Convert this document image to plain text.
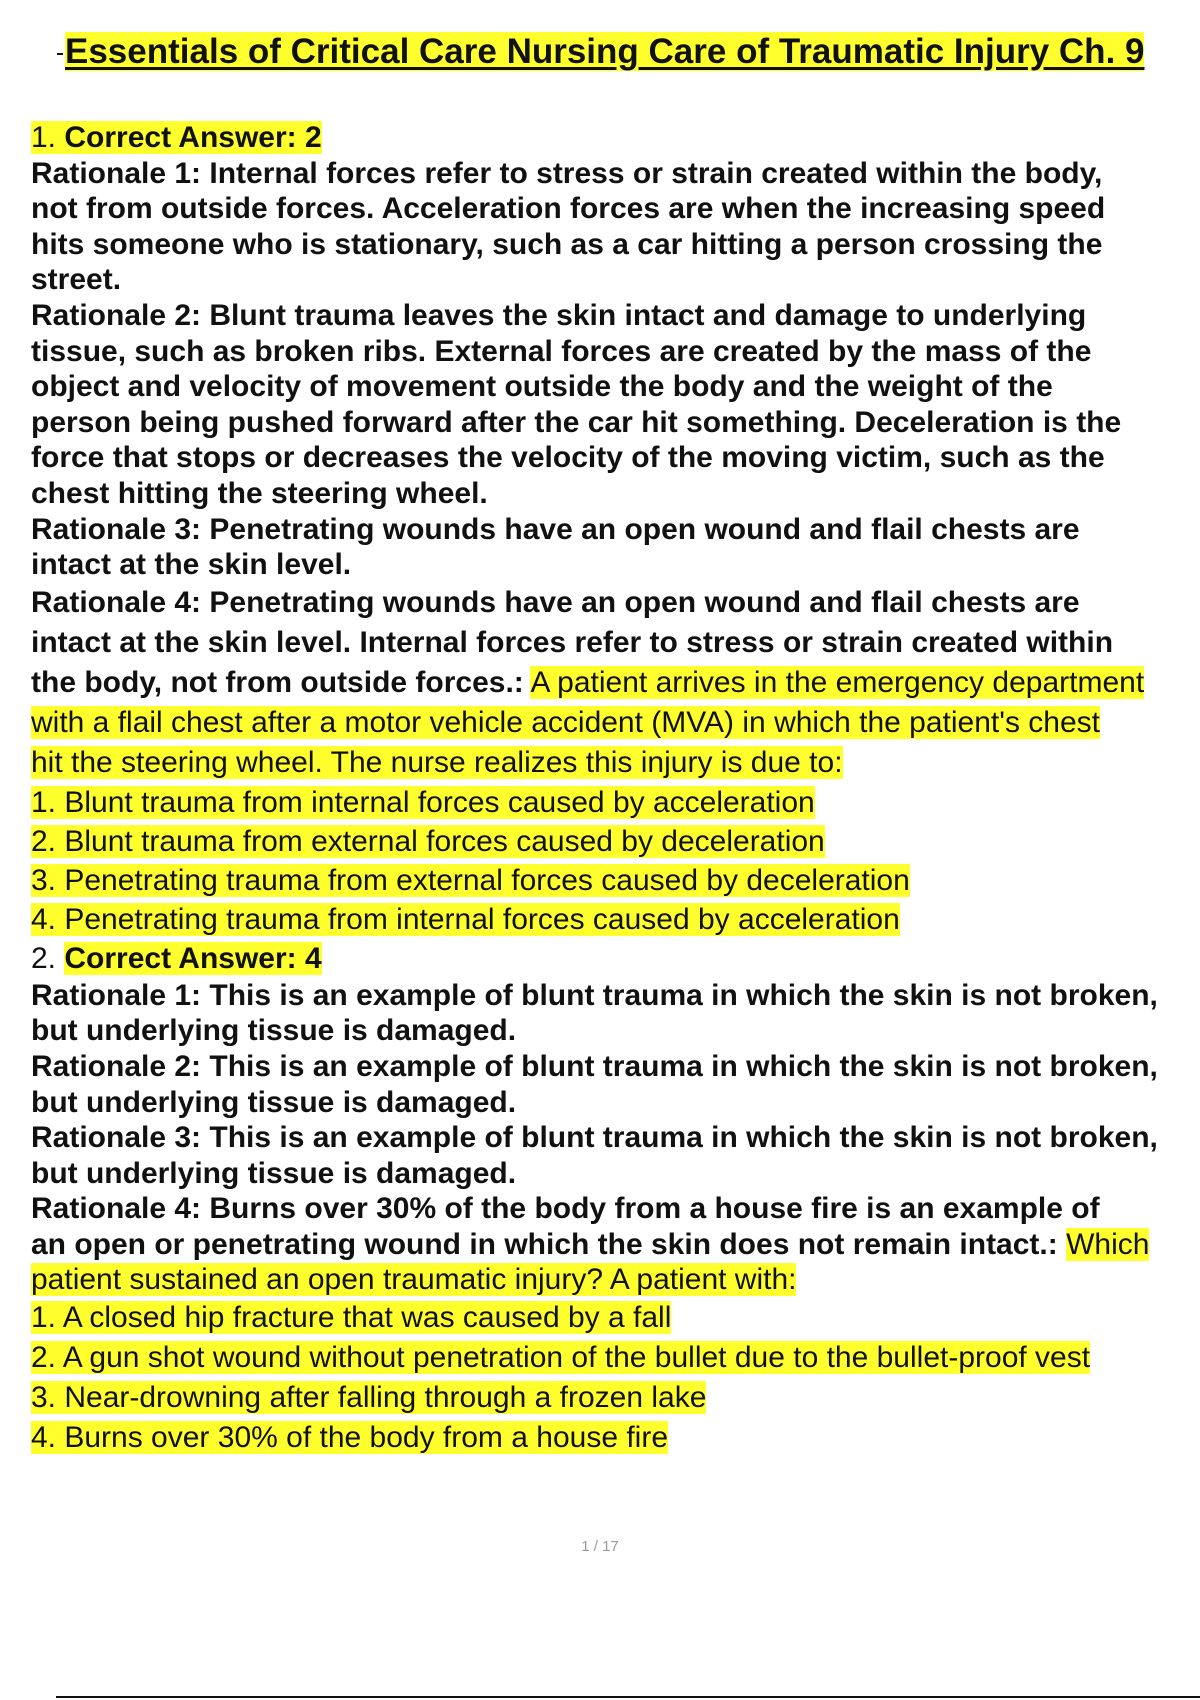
Essentials of Critical Care Nursing Care of Traumatic Injury Ch. 9

1. Correct Answer: 2

Rationale 1: Internal forces refer to stress or strain created within the body,

not from outside forces. Acceleration forces are when the increasing speed

hits someone who is stationary, such as a car hitting a person crossing the

street.

Rationale 2: Blunt trauma leaves the skin intact and damage to underlying

tissue, such as broken ribs. External forces are created by the mass of the

object and velocity of movement outside the body and the weight of the

person being pushed forward after the car hit something. Deceleration is the

force that stops or decreases the velocity of the moving victim, such as the

chest hitting the steering wheel.

Rationale 3: Penetrating wounds have an open wound and flail chests are

intact at the skin level.

Rationale 4: Penetrating wounds have an open wound and flail chests are

intact at the skin level. Internal forces refer to stress or strain created within

the body, not from outside forces.: A patient arrives in the emergency department

with a flail chest after a motor vehicle accident (MVA) in which the patient's chest

hit the steering wheel. The nurse realizes this injury is due to:

1. Blunt trauma from internal forces caused by acceleration

2. Blunt trauma from external forces caused by deceleration

3. Penetrating trauma from external forces caused by deceleration

4. Penetrating trauma from internal forces caused by acceleration

2. Correct Answer: 4

Rationale 1: This is an example of blunt trauma in which the skin is not broken,

but underlying tissue is damaged.

Rationale 2: This is an example of blunt trauma in which the skin is not broken,

but underlying tissue is damaged.

Rationale 3: This is an example of blunt trauma in which the skin is not broken,

but underlying tissue is damaged.

Rationale 4: Burns over 30% of the body from a house fire is an example of

an open or penetrating wound in which the skin does not remain intact.: Which

patient sustained an open traumatic injury? A patient with:

1. A closed hip fracture that was caused by a fall

2. A gun shot wound without penetration of the bullet due to the bullet-proof vest

3. Near-drowning after falling through a frozen lake

4. Burns over 30% of the body from a house fire

1 / 17
